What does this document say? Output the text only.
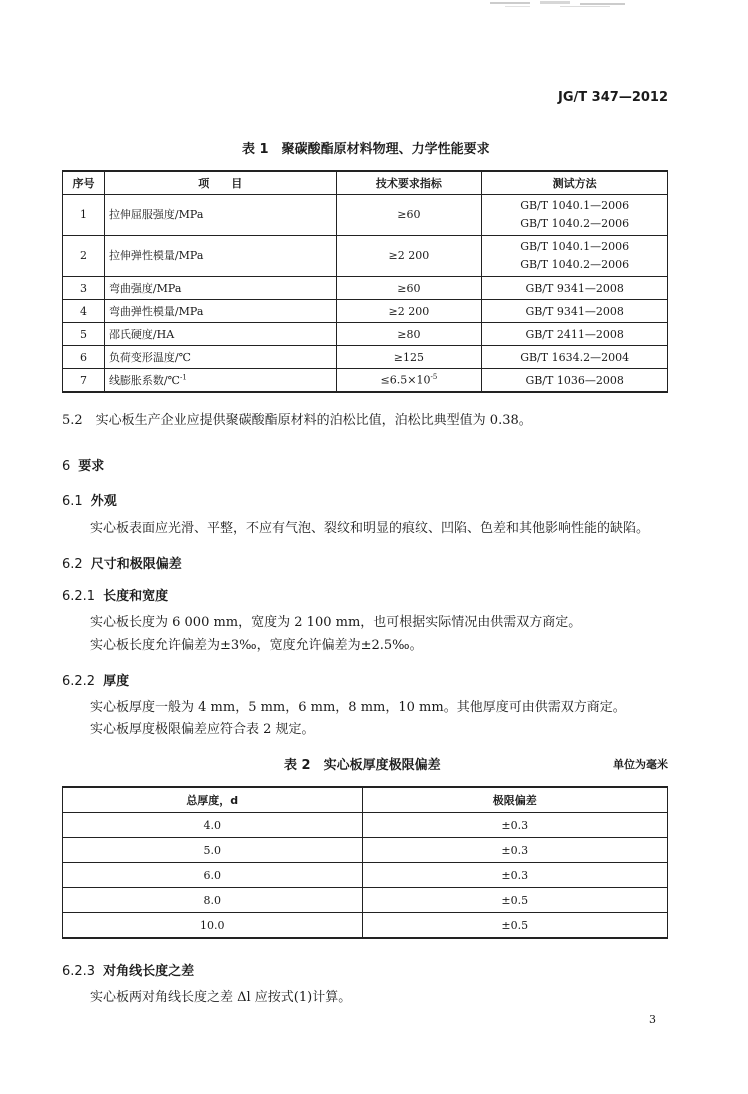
JG/T 347—2012
表 1　聚碳酸酯原材料物理、力学性能要求
序号	项　　目	技术要求指标	测试方法
1	拉伸屈服强度/MPa	≥60	GB/T 1040.1—2006
GB/T 1040.2—2006
2	拉伸弹性模量/MPa	≥2 200	GB/T 1040.1—2006
GB/T 1040.2—2006
3	弯曲强度/MPa	≥60	GB/T 9341—2008
4	弯曲弹性模量/MPa	≥2 200	GB/T 9341—2008
5	邵氏硬度/HA	≥80	GB/T 2411—2008
6	负荷变形温度/℃	≥125	GB/T 1634.2—2004
7	线膨胀系数/℃$^{-1}$	$\le 6.5\times 10^{-5}$	GB/T 1036—2008
5.2　实心板生产企业应提供聚碳酸酯原材料的泊松比值，泊松比典型值为 0.38。
6 要求
6.1 外观
实心板表面应光滑、平整，不应有气泡、裂纹和明显的痕纹、凹陷、色差和其他影响性能的缺陷。
6.2 尺寸和极限偏差
6.2.1 长度和宽度
实心板长度为 6 000 mm，宽度为 2 100 mm，也可根据实际情况由供需双方商定。
实心板长度允许偏差为±3‰，宽度允许偏差为±2.5‰。
6.2.2 厚度
实心板厚度一般为 4 mm，5 mm，6 mm，8 mm，10 mm。其他厚度可由供需双方商定。
实心板厚度极限偏差应符合表 2 规定。
表 2　实心板厚度极限偏差	单位为毫米
总厚度，d	极限偏差
4.0	±0.3
5.0	±0.3
6.0	±0.3
8.0	±0.5
10.0	±0.5
6.2.3 对角线长度之差
实心板两对角线长度之差 Δl 应按式(1)计算。
3
